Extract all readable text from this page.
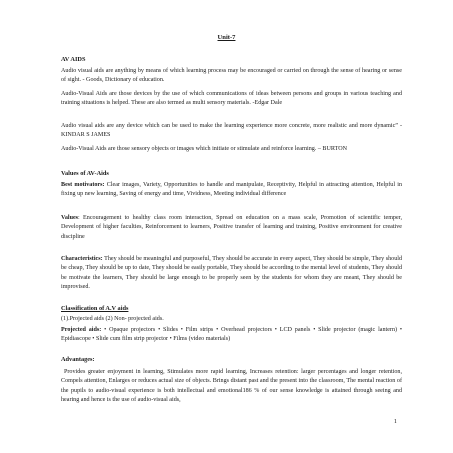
Unit-7
AV AIDS

Audio visual aids are anything by means of which learning process may be encouraged or carried on through the sense of hearing or sense of sight. - Goods, Dictionary of education.

Audio-Visual Aids are those devices by the use of which communications of ideas between persons and groups in various teaching and training situations is helped. These are also termed as multi sensory materials. -Edgar Dale

Audio visual aids are any device which can be used to make the learning experience more concrete, more realistic and more dynamic” -KINDAR S JAMES

Audio-Visual Aids are those sensory objects or images which initiate or stimulate and reinforce learning. – BURTON

Values of AV-Aids

Best motivators: Clear images, Variety, Opportunities to handle and manipulate, Receptivity, Helpful in attracting attention, Helpful in fixing up new learning, Saving of energy and time, Vividness, Meeting individual difference

Values: Encouragement to healthy class room interaction, Spread on education on a mass scale, Promotion of scientific temper, Development of higher faculties, Reinforcement to learners, Positive transfer of learning and training, Positive environment for creative discipline

Characteristics: They should be meaningful and purposeful, They should be accurate in every aspect, They should be simple, They should be cheap, They should be up to date, They should be easily portable, They should be according to the mental level of students, They should be motivate the learners, They should be large enough to be properly seen by the students for whom they are meant, They should be improvised.

Classification of A.V aids

(1).Projected aids (2) Non- projected aids.

Projected aids: • Opaque projectors • Slides • Film strips • Overhead projectors • LCD panels • Slide projector (magic lantern) • Epidiascope • Slide cum film strip projector • Films (video materials)

Advantages:

Provides greater enjoyment in learning, Stimulates more rapid learning, Increases retention: larger percentages and longer retention, Compels attention, Enlarges or reduces actual size of objects. Brings distant past and the present into the classroom, The mental reaction of the pupils to audio-visual experience is both intellectual and emotional186 % of our sense knowledge is attained through seeing and hearing and hence is the use of audio-visual aids,

1
